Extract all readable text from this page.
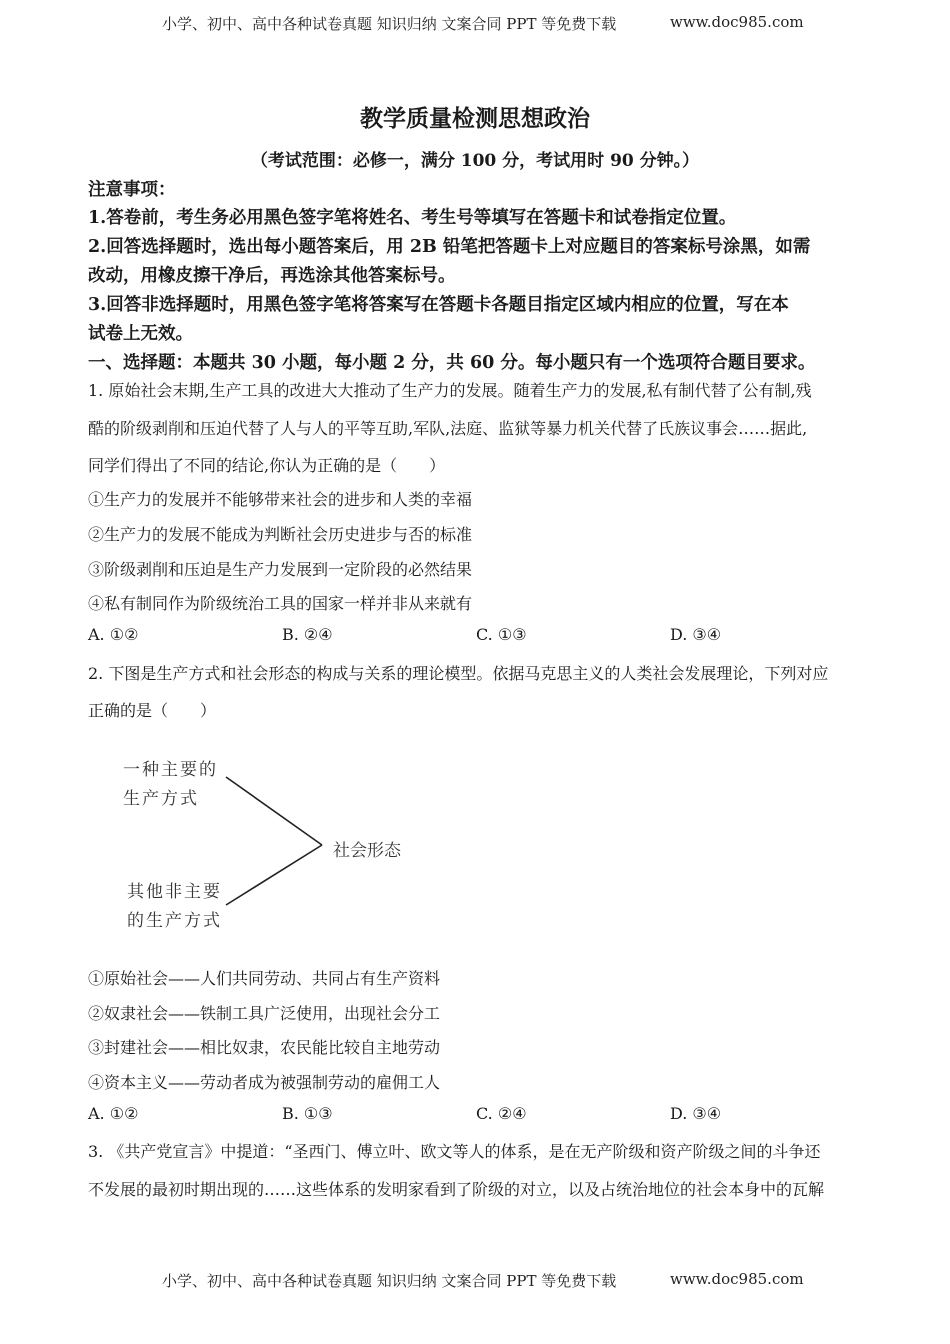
小学、初中、高中各种试卷真题 知识归纳 文案合同 PPT 等免费下载	www.doc985.com
教学质量检测思想政治
（考试范围：必修一，满分 100 分，考试用时 90 分钟。）
注意事项：
1.答卷前，考生务必用黑色签字笔将姓名、考生号等填写在答题卡和试卷指定位置。
2.回答选择题时，选出每小题答案后，用 2B 铅笔把答题卡上对应题目的答案标号涂黑，如需
改动，用橡皮擦干净后，再选涂其他答案标号。
3.回答非选择题时，用黑色签字笔将答案写在答题卡各题目指定区域内相应的位置，写在本
试卷上无效。
一、选择题：本题共 30 小题，每小题 2 分，共 60 分。每小题只有一个选项符合题目要求。
1. 原始社会末期,生产工具的改进大大推动了生产力的发展。随着生产力的发展,私有制代替了公有制,残
酷的阶级剥削和压迫代替了人与人的平等互助,军队,法庭、监狱等暴力机关代替了氏族议事会……据此,
同学们得出了不同的结论,你认为正确的是（　　）
①生产力的发展并不能够带来社会的进步和人类的幸福
②生产力的发展不能成为判断社会历史进步与否的标准
③阶级剥削和压迫是生产力发展到一定阶段的必然结果
④私有制同作为阶级统治工具的国家一样并非从来就有
A. ①②	B. ②④	C. ①③	D. ③④
2. 下图是生产方式和社会形态的构成与关系的理论模型。依据马克思主义的人类社会发展理论，下列对应
正确的是（　　）
一种主要的
生产方式
其他非主要
的生产方式
社会形态
①原始社会——人们共同劳动、共同占有生产资料
②奴隶社会——铁制工具广泛使用，出现社会分工
③封建社会——相比奴隶，农民能比较自主地劳动
④资本主义——劳动者成为被强制劳动的雇佣工人
A. ①②	B. ①③	C. ②④	D. ③④
3. 《共产党宣言》中提道：“圣西门、傅立叶、欧文等人的体系，是在无产阶级和资产阶级之间的斗争还
不发展的最初时期出现的……这些体系的发明家看到了阶级的对立，以及占统治地位的社会本身中的瓦解
小学、初中、高中各种试卷真题 知识归纳 文案合同 PPT 等免费下载	www.doc985.com
